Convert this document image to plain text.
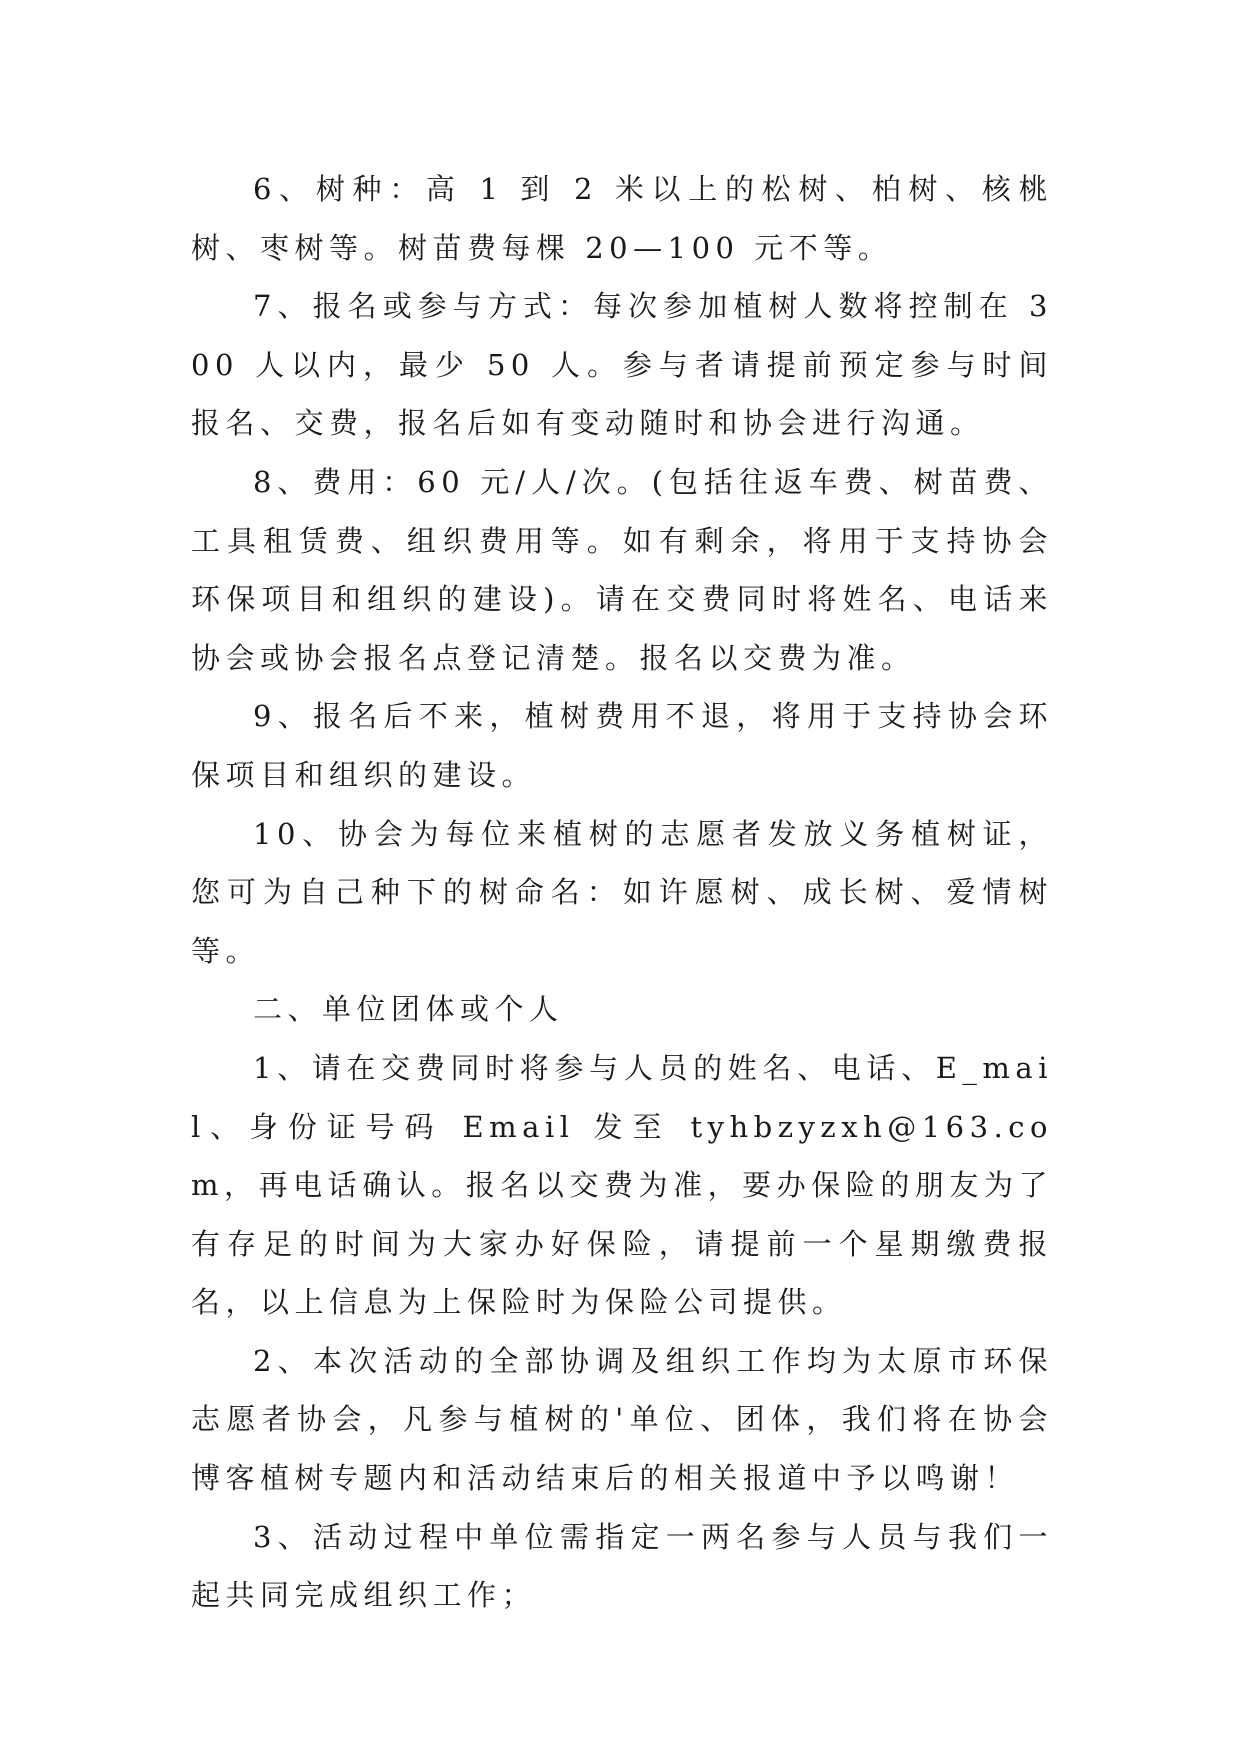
6、树种：高 1 到 2 米以上的松树、柏树、核桃树、枣树等。树苗费每棵 20—100 元不等。

7、报名或参与方式：每次参加植树人数将控制在 300 人以内，最少 50 人。参与者请提前预定参与时间报名、交费，报名后如有变动随时和协会进行沟通。

8、费用：60 元/人/次。(包括往返车费、树苗费、工具租赁费、组织费用等。如有剩余，将用于支持协会环保项目和组织的建设)。请在交费同时将姓名、电话来协会或协会报名点登记清楚。报名以交费为准。

9、报名后不来，植树费用不退，将用于支持协会环保项目和组织的建设。

10、协会为每位来植树的志愿者发放义务植树证，您可为自己种下的树命名：如许愿树、成长树、爱情树等。

二、单位团体或个人

1、请在交费同时将参与人员的姓名、电话、E_mail、身份证号码 Email 发至 tyhbzyzxh@163.com，再电话确认。报名以交费为准，要办保险的朋友为了有存足的时间为大家办好保险，请提前一个星期缴费报名，以上信息为上保险时为保险公司提供。

2、本次活动的全部协调及组织工作均为太原市环保志愿者协会，凡参与植树的'单位、团体，我们将在协会博客植树专题内和活动结束后的相关报道中予以鸣谢！

3、活动过程中单位需指定一两名参与人员与我们一起共同完成组织工作；
